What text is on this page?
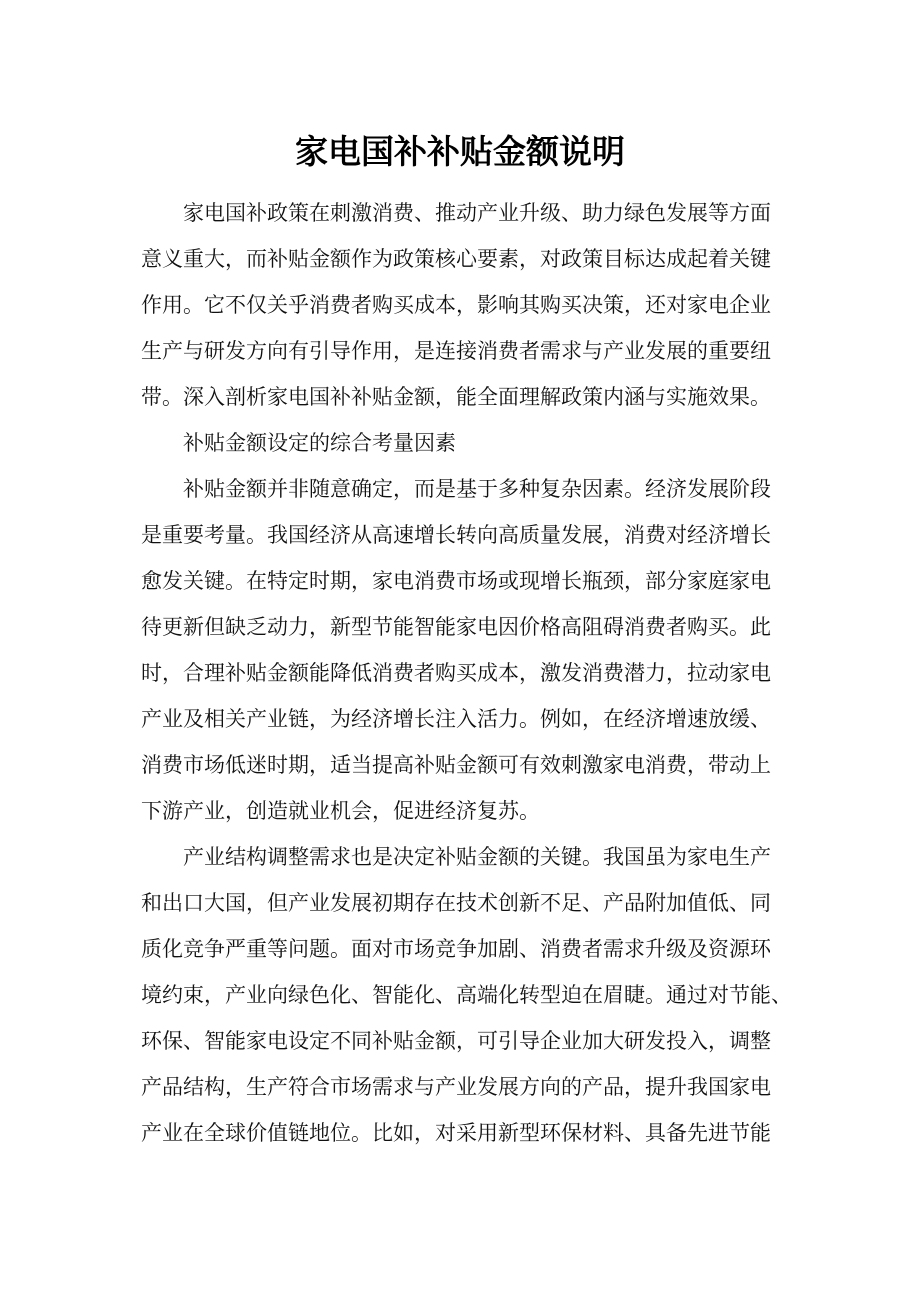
家电国补补贴金额说明
家电国补政策在刺激消费、推动产业升级、助力绿色发展等方面
意义重大，而补贴金额作为政策核心要素，对政策目标达成起着关键
作用。它不仅关乎消费者购买成本，影响其购买决策，还对家电企业
生产与研发方向有引导作用，是连接消费者需求与产业发展的重要纽
带。深入剖析家电国补补贴金额，能全面理解政策内涵与实施效果。
补贴金额设定的综合考量因素
补贴金额并非随意确定，而是基于多种复杂因素。经济发展阶段
是重要考量。我国经济从高速增长转向高质量发展，消费对经济增长
愈发关键。在特定时期，家电消费市场或现增长瓶颈，部分家庭家电
待更新但缺乏动力，新型节能智能家电因价格高阻碍消费者购买。此
时，合理补贴金额能降低消费者购买成本，激发消费潜力，拉动家电
产业及相关产业链，为经济增长注入活力。例如，在经济增速放缓、
消费市场低迷时期，适当提高补贴金额可有效刺激家电消费，带动上
下游产业，创造就业机会，促进经济复苏。
产业结构调整需求也是决定补贴金额的关键。我国虽为家电生产
和出口大国，但产业发展初期存在技术创新不足、产品附加值低、同
质化竞争严重等问题。面对市场竞争加剧、消费者需求升级及资源环
境约束，产业向绿色化、智能化、高端化转型迫在眉睫。通过对节能、
环保、智能家电设定不同补贴金额，可引导企业加大研发投入，调整
产品结构，生产符合市场需求与产业发展方向的产品，提升我国家电
产业在全球价值链地位。比如，对采用新型环保材料、具备先进节能
